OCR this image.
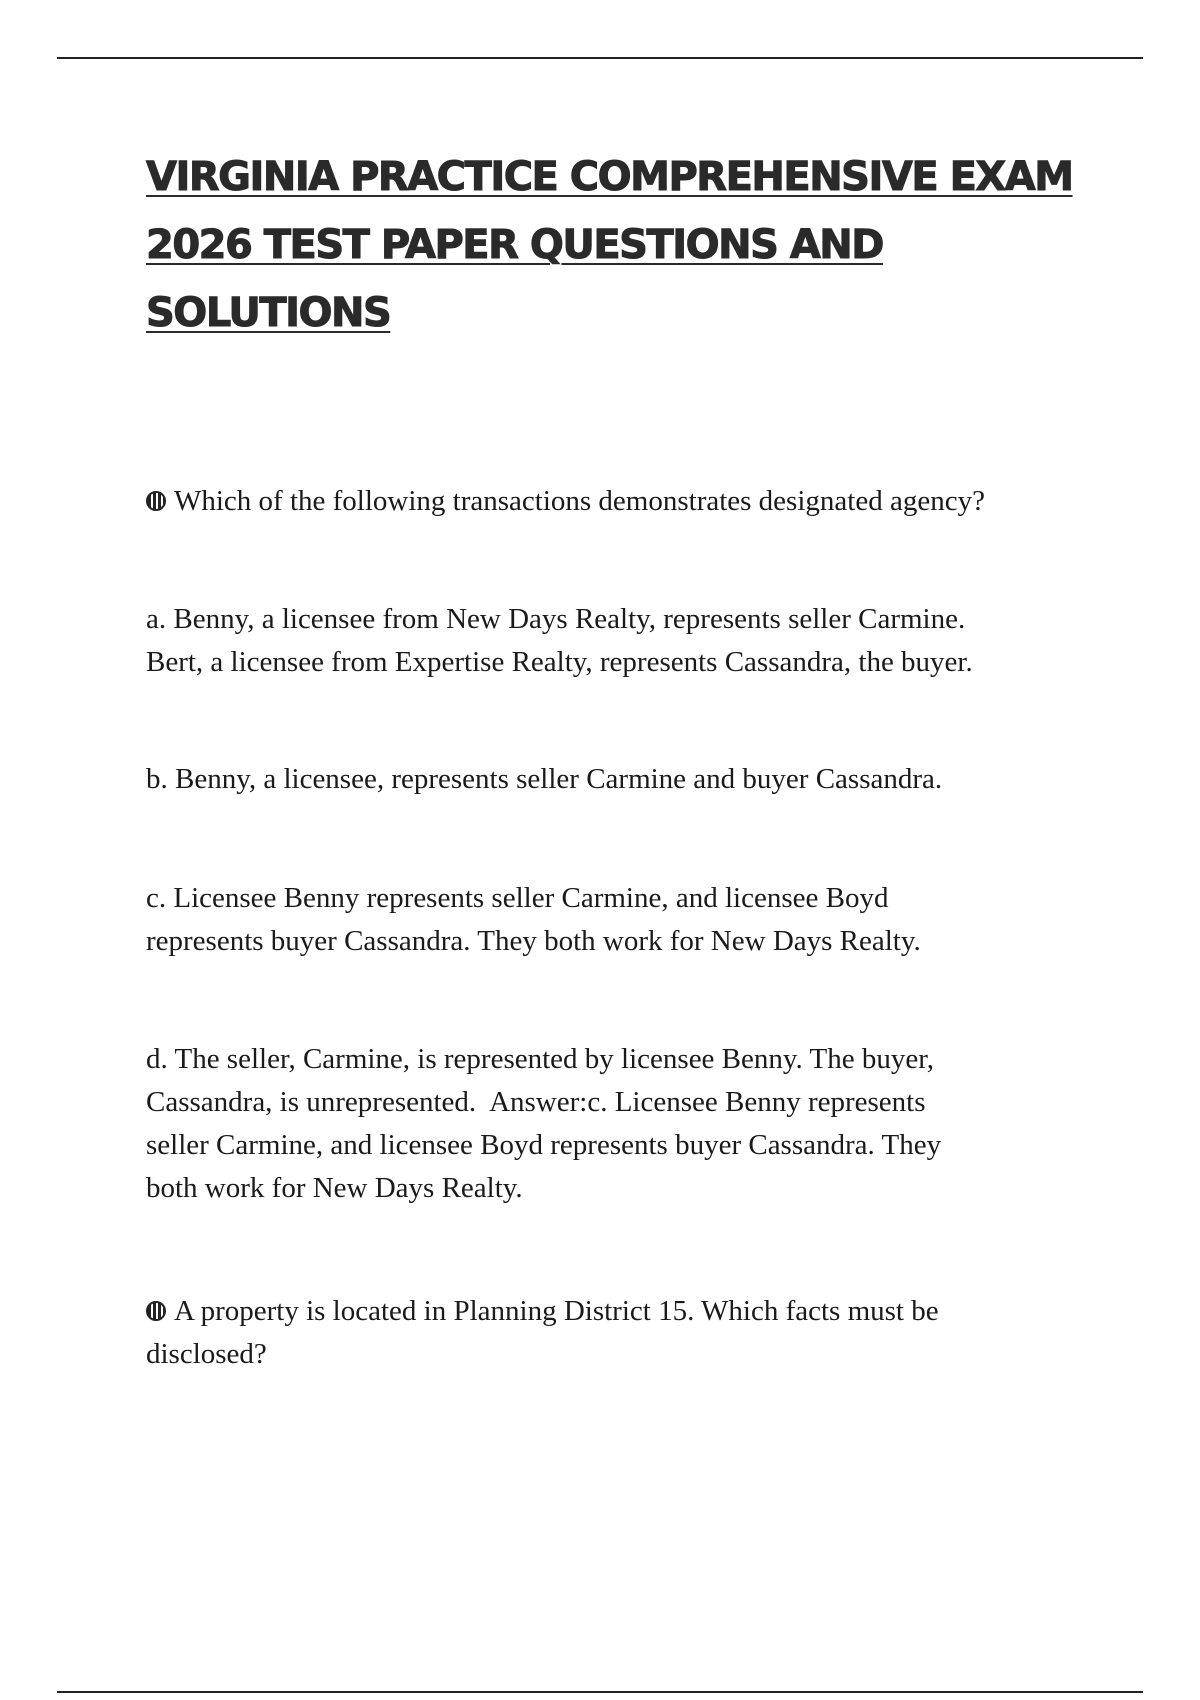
VIRGINIA PRACTICE COMPREHENSIVE EXAM
2026 TEST PAPER QUESTIONS AND
SOLUTIONS

Which of the following transactions demonstrates designated agency?

a. Benny, a licensee from New Days Realty, represents seller Carmine.
Bert, a licensee from Expertise Realty, represents Cassandra, the buyer.

b. Benny, a licensee, represents seller Carmine and buyer Cassandra.

c. Licensee Benny represents seller Carmine, and licensee Boyd
represents buyer Cassandra. They both work for New Days Realty.

d. The seller, Carmine, is represented by licensee Benny. The buyer,
Cassandra, is unrepresented.  Answer:c. Licensee Benny represents
seller Carmine, and licensee Boyd represents buyer Cassandra. They
both work for New Days Realty.

A property is located in Planning District 15. Which facts must be
disclosed?
